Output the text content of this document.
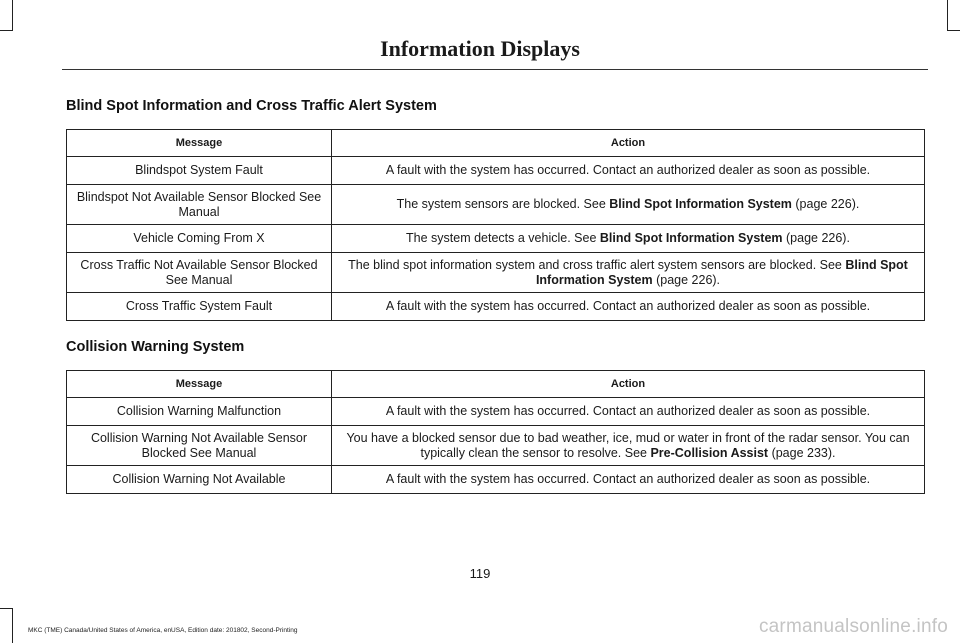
Information Displays
Blind Spot Information and Cross Traffic Alert System
Message	Action
Blindspot System Fault	A fault with the system has occurred. Contact an authorized dealer as soon as possible.
Blindspot Not Available Sensor Blocked See Manual	The system sensors are blocked. See Blind Spot Information System (page 226).
Vehicle Coming From X	The system detects a vehicle. See Blind Spot Information System (page 226).
Cross Traffic Not Available Sensor Blocked See Manual	The blind spot information system and cross traffic alert system sensors are blocked. See Blind Spot Information System (page 226).
Cross Traffic System Fault	A fault with the system has occurred. Contact an authorized dealer as soon as possible.
Collision Warning System
Message	Action
Collision Warning Malfunction	A fault with the system has occurred. Contact an authorized dealer as soon as possible.
Collision Warning Not Available Sensor Blocked See Manual	You have a blocked sensor due to bad weather, ice, mud or water in front of the radar sensor. You can typically clean the sensor to resolve. See Pre-Collision Assist (page 233).
Collision Warning Not Available	A fault with the system has occurred. Contact an authorized dealer as soon as possible.
119
MKC (TME) Canada/United States of America, enUSA, Edition date: 201802, Second-Printing	carmanualsonline.info
